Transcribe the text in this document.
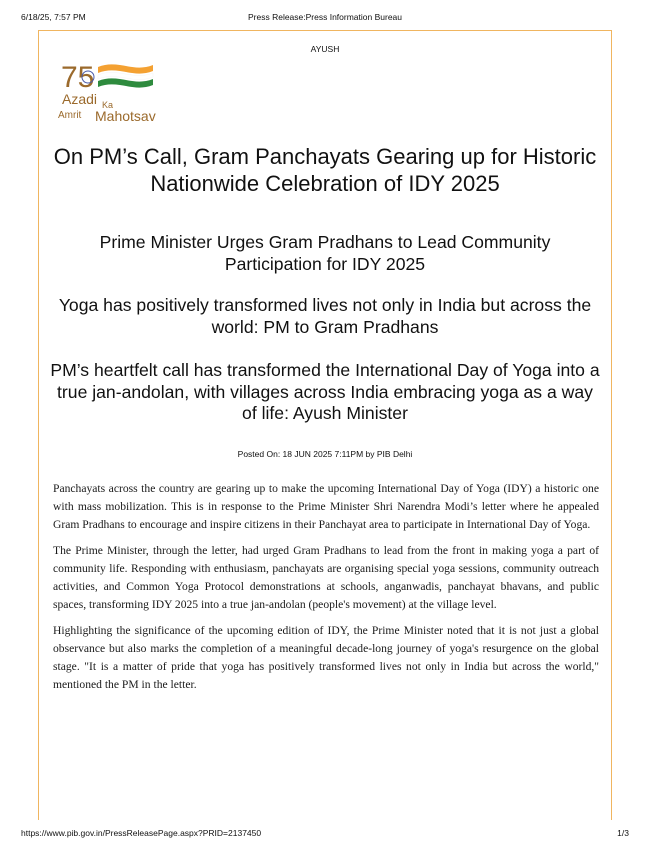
6/18/25, 7:57 PM	Press Release:Press Information Bureau
AYUSH
75
Azadi Ka
Amrit Mahotsav
On PM’s Call, Gram Panchayats Gearing up for Historic Nationwide Celebration of IDY 2025
Prime Minister Urges Gram Pradhans to Lead Community Participation for IDY 2025
Yoga has positively transformed lives not only in India but across the world: PM to Gram Pradhans
PM’s heartfelt call has transformed the International Day of Yoga into a true jan-andolan, with villages across India embracing yoga as a way of life: Ayush Minister
Posted On: 18 JUN 2025 7:11PM by PIB Delhi

Panchayats across the country are gearing up to make the upcoming International Day of Yoga (IDY) a historic one with mass mobilization. This is in response to the Prime Minister Shri Narendra Modi’s letter where he appealed Gram Pradhans to encourage and inspire citizens in their Panchayat area to participate in International Day of Yoga.

The Prime Minister, through the letter, had urged Gram Pradhans to lead from the front in making yoga a part of community life. Responding with enthusiasm, panchayats are organising special yoga sessions, community outreach activities, and Common Yoga Protocol demonstrations at schools, anganwadis, panchayat bhavans, and public spaces, transforming IDY 2025 into a true jan-andolan (people's movement) at the village level.

Highlighting the significance of the upcoming edition of IDY, the Prime Minister noted that it is not just a global observance but also marks the completion of a meaningful decade-long journey of yoga's resurgence on the global stage. "It is a matter of pride that yoga has positively transformed lives not only in India but across the world," mentioned the PM in the letter.

https://www.pib.gov.in/PressReleasePage.aspx?PRID=2137450	1/3
